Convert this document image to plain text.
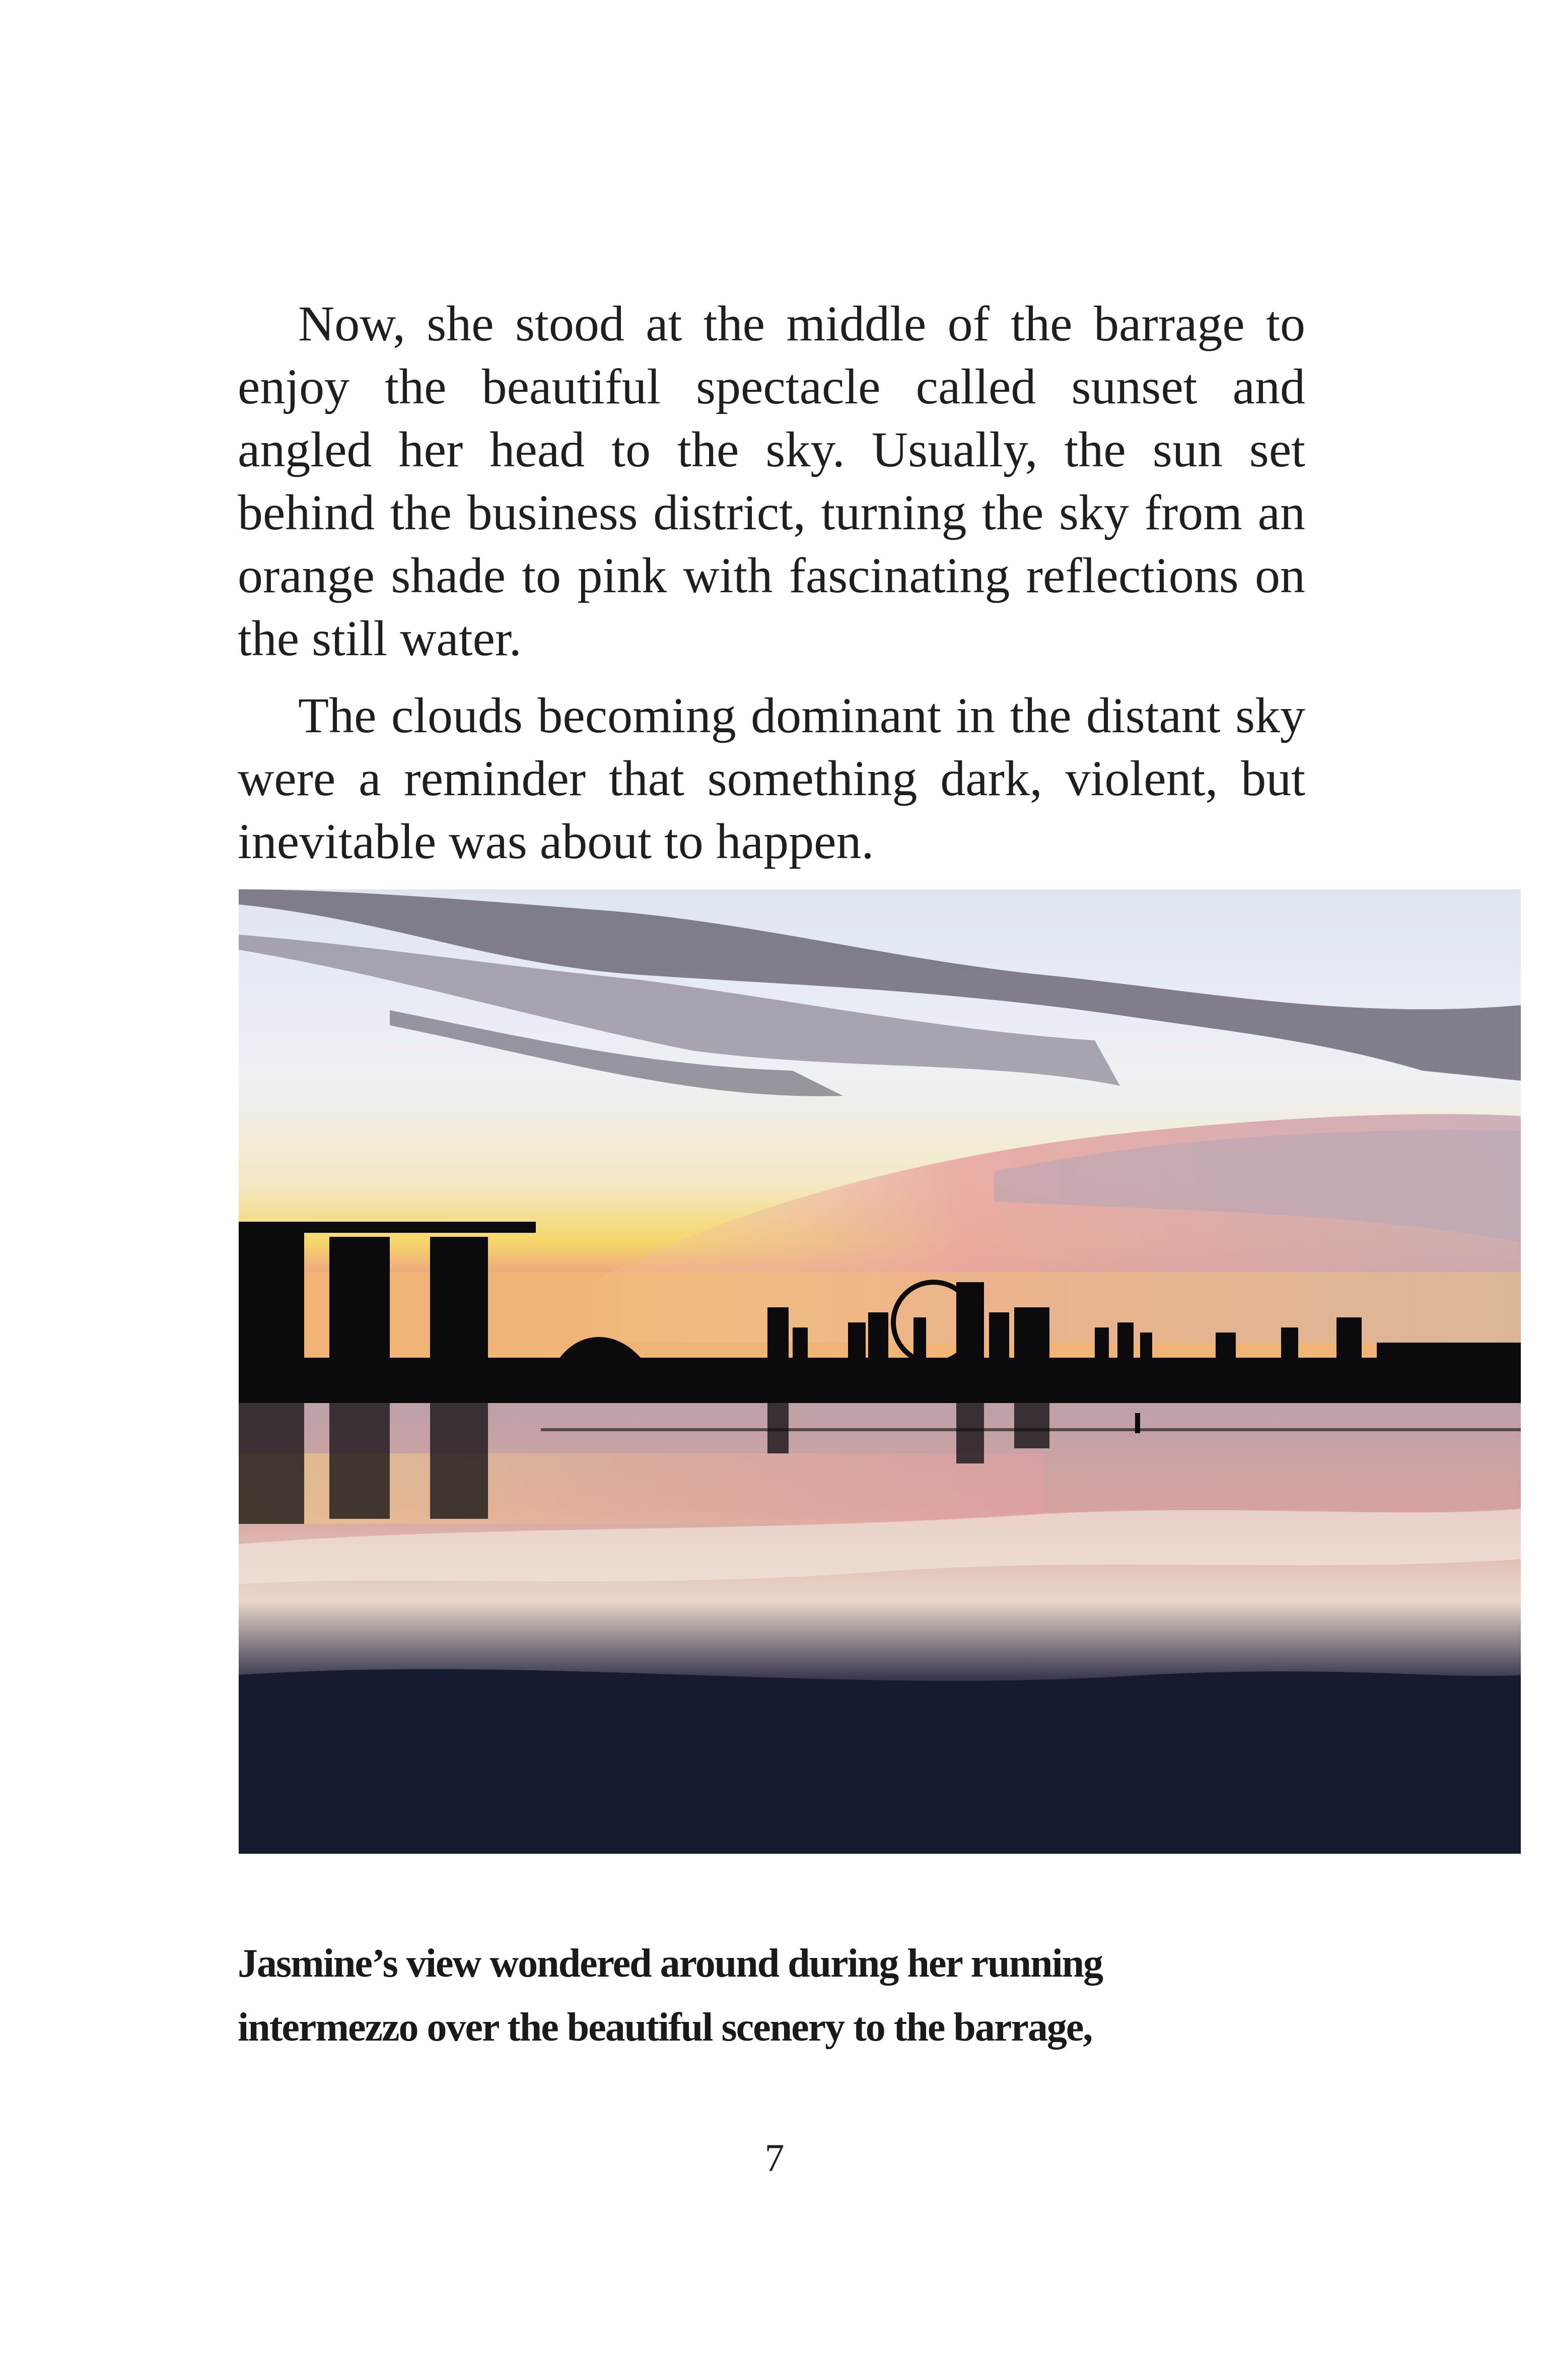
Now, she stood at the middle of the barrage to enjoy the beautiful spectacle called sunset and angled her head to the sky. Usually, the sun set behind the business district, turning the sky from an orange shade to pink with fascinating reflections on the still water.

The clouds becoming dominant in the distant sky were a reminder that something dark, violent, but inevitable was about to happen.

Jasmine’s view wondered around during her running
intermezzo over the beautiful scenery to the barrage,
7
